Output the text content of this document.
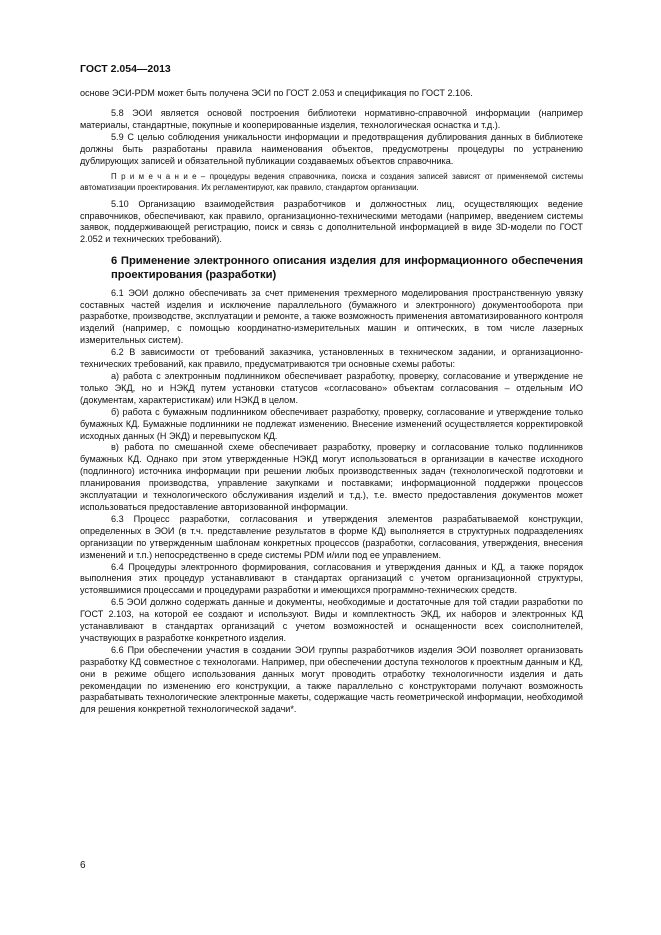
ГОСТ 2.054—2013

основе ЭСИ-PDM может быть получена ЭСИ по ГОСТ 2.053 и спецификация по ГОСТ 2.106.

5.8 ЭОИ является основой построения библиотеки нормативно-справочной информации (например материалы, стандартные, покупные и кооперированные изделия, технологическая оснастка и т.д.).

5.9 С целью соблюдения уникальности информации и предотвращения дублирования данных в библиотеке должны быть разработаны правила наименования объектов, предусмотрены процедуры по устранению дублирующих записей и обязательной публикации создаваемых объектов справочника.

П р и м е ч а н и е – процедуры ведения справочника, поиска и создания записей зависят от применяемой системы автоматизации проектирования. Их регламентируют, как правило, стандартом организации.

5.10 Организацию взаимодействия разработчиков и должностных лиц, осуществляющих ведение справочников, обеспечивают, как правило, организационно-техническими методами (например, введением системы заявок, поддерживающей регистрацию, поиск и связь с дополнительной информацией в виде 3D-модели по ГОСТ 2.052 и технических требований).

6 Применение электронного описания изделия для информационного обеспечения проектирования (разработки)

6.1 ЭОИ должно обеспечивать за счет применения трехмерного моделирования пространственную увязку составных частей изделия и исключение параллельного (бумажного и электронного) документооборота при разработке, производстве, эксплуатации и ремонте, а также возможность применения автоматизированного контроля изделий (например, с помощью координатно-измерительных машин и оптических, в том числе лазерных измерительных систем).

6.2 В зависимости от требований заказчика, установленных в техническом задании, и организационно-технических требований, как правило, предусматриваются три основные схемы работы:

а) работа с электронным подлинником обеспечивает разработку, проверку, согласование и утверждение не только ЭКД, но и НЭКД путем установки статусов «согласовано» объектам согласования – отдельным ИО (документам, характеристикам) или НЭКД в целом.

б) работа с бумажным подлинником обеспечивает разработку, проверку, согласование и утверждение только бумажных КД. Бумажные подлинники не подлежат изменению. Внесение изменений осуществляется корректировкой исходных данных (Н ЭКД) и перевыпуском КД.

в) работа по смешанной схеме обеспечивает разработку, проверку и согласование только подлинников бумажных КД. Однако при этом утвержденные НЭКД могут использоваться в организации в качестве исходного (подлинного) источника информации при решении любых производственных задач (технологической подготовки и планирования производства, управление закупками и поставками; информационной поддержки процессов эксплуатации и технологического обслуживания изделий и т.д.), т.е. вместо предоставления документов может использоваться предоставление авторизованной информации.

6.3 Процесс разработки, согласования и утверждения элементов разрабатываемой конструкции, определенных в ЭОИ (в т.ч. представление результатов в форме КД) выполняется в структурных подразделениях организации по утвержденным шаблонам конкретных процессов (разработки, согласования, утверждения, внесения изменений и т.п.) непосредственно в среде системы PDM и/или под ее управлением.

6.4 Процедуры электронного формирования, согласования и утверждения данных и КД, а также порядок выполнения этих процедур устанавливают в стандартах организаций с учетом организационной структуры, устоявшимися процессами и процедурами разработки и имеющихся программно-технических средств.

6.5 ЭОИ должно содержать данные и документы, необходимые и достаточные для той стадии разработки по ГОСТ 2.103, на которой ее создают и используют. Виды и комплектность ЭКД, их наборов и электронных КД устанавливают в стандартах организаций с учетом возможностей и оснащенности всех соисполнителей, участвующих в разработке конкретного изделия.

6.6 При обеспечении участия в создании ЭОИ группы разработчиков изделия ЭОИ позволяет организовать разработку КД совместное с технологами. Например, при обеспечении доступа технологов к проектным данным и КД, они в режиме общего использования данных могут проводить отработку технологичности изделия и дать рекомендации по изменению его конструкции, а также параллельно с конструкторами получают возможность разрабатывать технологические электронные макеты, содержащие часть геометрической информации, необходимой для решения конкретной технологической задачи*.

6
